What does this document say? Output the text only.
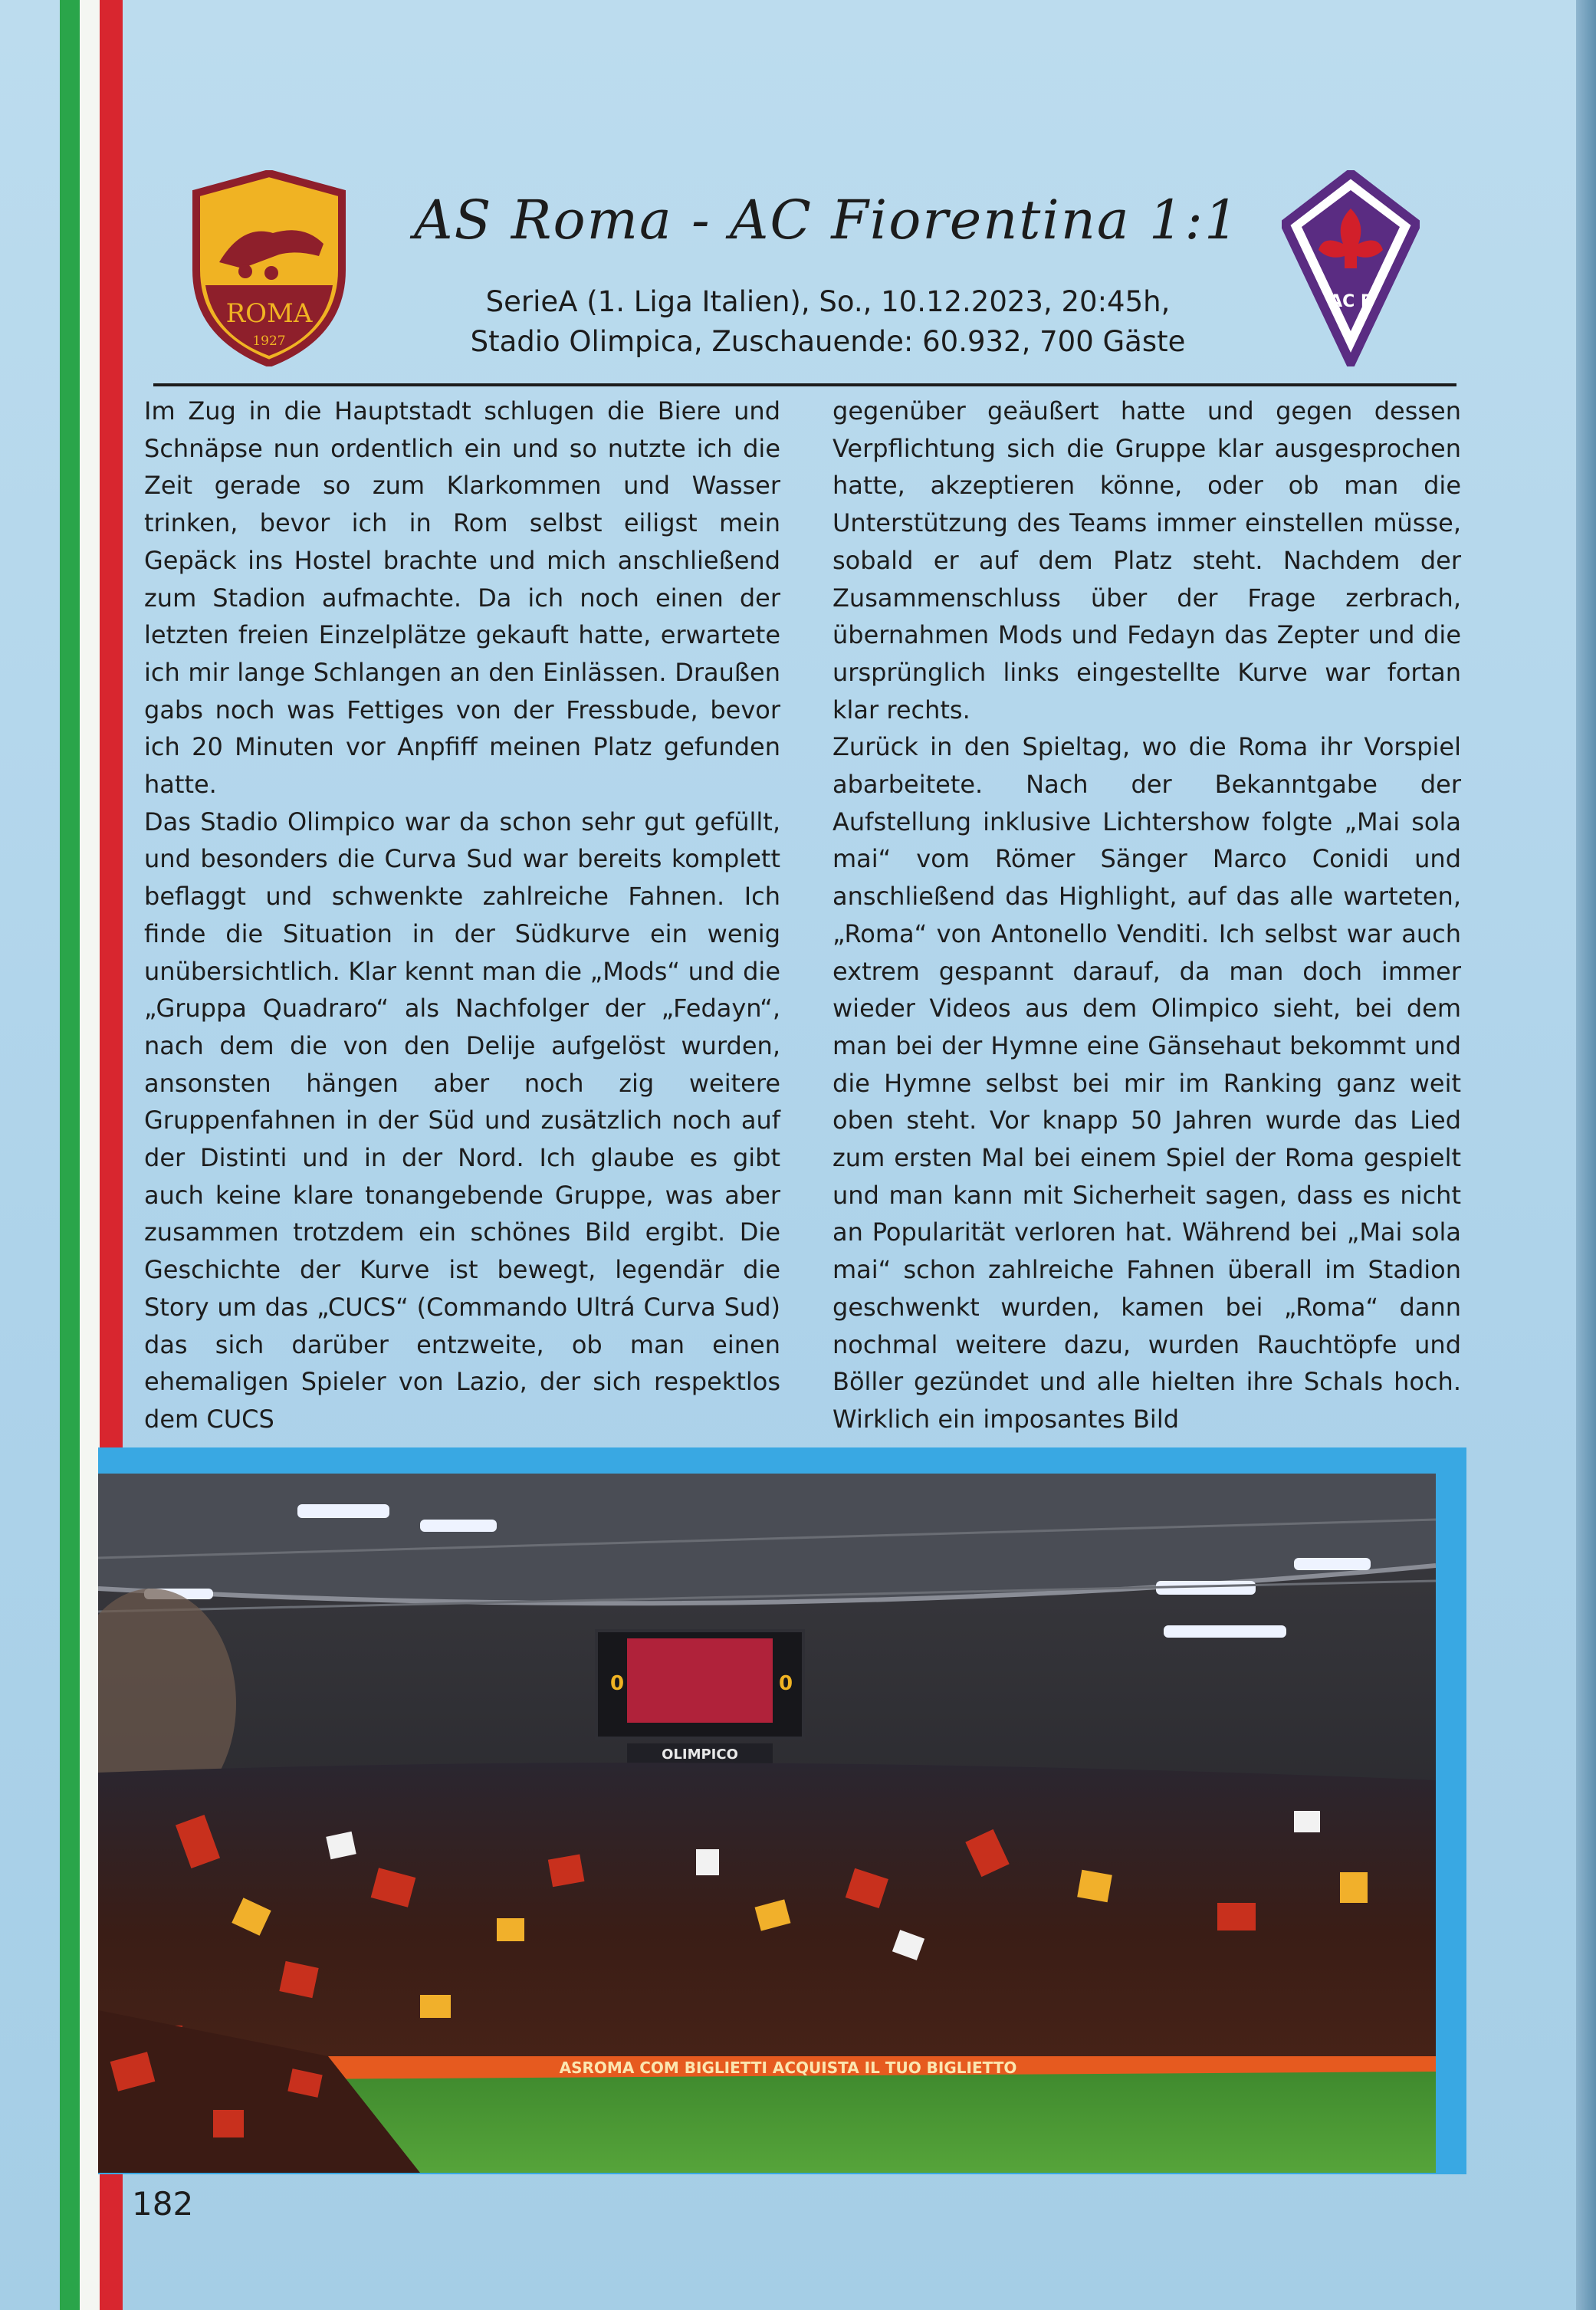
ROMA
1927
AS Roma - AC Fiorentina 1:1
SerieA (1. Liga Italien), So., 10.12.2023, 20:45h,
Stadio Olimpica, Zuschauende: 60.932, 700 Gäste
AC F

Im Zug in die Hauptstadt schlugen die Biere und Schnäpse nun ordentlich ein und so nutzte ich die Zeit gerade so zum Klarkommen und Wasser trinken, bevor ich in Rom selbst eiligst mein Gepäck ins Hostel brachte und mich anschließend zum Stadion aufmachte. Da ich noch einen der letzten freien Einzelplätze gekauft hatte, erwartete ich mir lange Schlangen an den Einlässen. Draußen gabs noch was Fettiges von der Fressbude, bevor ich 20 Minuten vor Anpfiff meinen Platz gefunden hatte.

Das Stadio Olimpico war da schon sehr gut gefüllt, und besonders die Curva Sud war bereits komplett beflaggt und schwenkte zahlreiche Fahnen. Ich finde die Situation in der Südkurve ein wenig unübersichtlich. Klar kennt man die „Mods“ und die „Gruppa Quadraro“ als Nachfolger der „Fedayn“, nach dem die von den Delije aufgelöst wurden, ansonsten hängen aber noch zig weitere Gruppenfahnen in der Süd und zusätzlich noch auf der Distinti und in der Nord. Ich glaube es gibt auch keine klare tonangebende Gruppe, was aber zusammen trotzdem ein schönes Bild ergibt. Die Geschichte der Kurve ist bewegt, legendär die Story um das „CUCS“ (Commando Ultrá Curva Sud) das sich darüber entzweite, ob man einen ehemaligen Spieler von Lazio, der sich respektlos dem CUCS

gegenüber geäußert hatte und gegen dessen Verpflichtung sich die Gruppe klar ausgesprochen hatte, akzeptieren könne, oder ob man die Unterstützung des Teams immer einstellen müsse, sobald er auf dem Platz steht. Nachdem der Zusammenschluss über der Frage zerbrach, übernahmen Mods und Fedayn das Zepter und die ursprünglich links eingestellte Kurve war fortan klar rechts.

Zurück in den Spieltag, wo die Roma ihr Vorspiel abarbeitete. Nach der Bekanntgabe der Aufstellung inklusive Lichtershow folgte „Mai sola mai“ vom Römer Sänger Marco Conidi und anschließend das Highlight, auf das alle warteten, „Roma“ von Antonello Venditi. Ich selbst war auch extrem gespannt darauf, da man doch immer wieder Videos aus dem Olimpico sieht, bei dem man bei der Hymne eine Gänsehaut bekommt und die Hymne selbst bei mir im Ranking ganz weit oben steht. Vor knapp 50 Jahren wurde das Lied zum ersten Mal bei einem Spiel der Roma gespielt und man kann mit Sicherheit sagen, dass es nicht an Popularität verloren hat. Während bei „Mai sola mai“ schon zahlreiche Fahnen überall im Stadion geschwenkt wurden, kamen bei „Roma“ dann nochmal weitere dazu, wurden Rauchtöpfe und Böller gezündet und alle hielten ihre Schals hoch. Wirklich ein imposantes Bild

0	0
OLIMPICO
ASROMA COM BIGLIETTI ACQUISTA IL TUO BIGLIETTO
182
